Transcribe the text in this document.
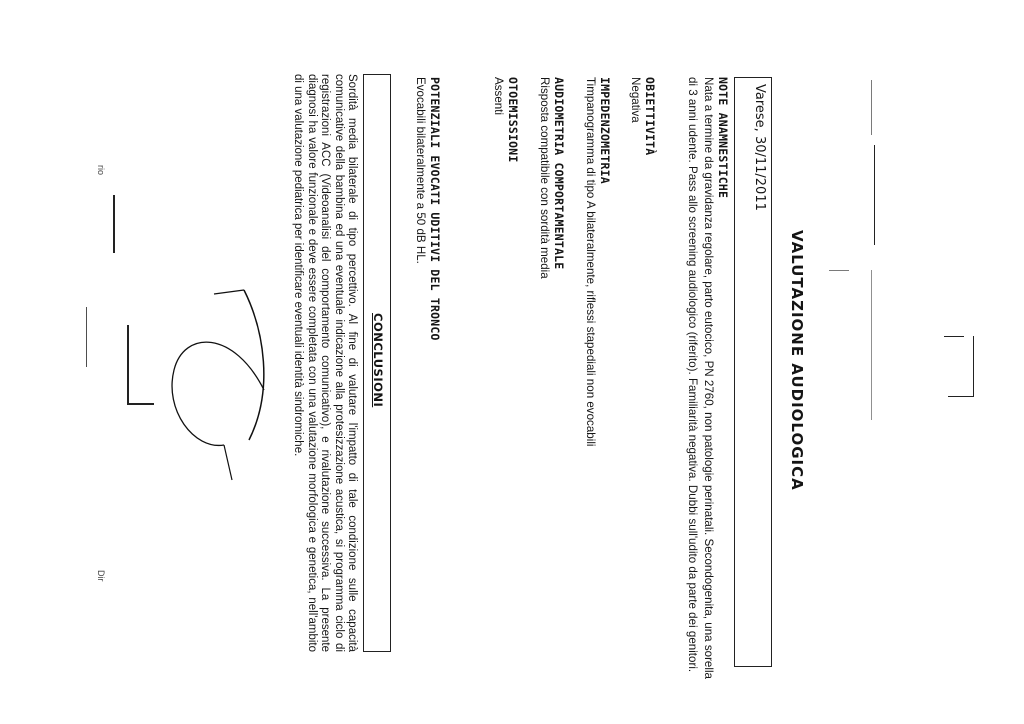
VALUTAZIONE AUDIOLOGICA
Varese, 30/11/2011
NOTE ANAMNESTICHE
Nata a termine da gravidanza regolare, parto eutocico, PN 2760, non patologie perinatali. Secondogenita, una sorella di 3 anni udente. Pass allo screening audiologico (riferito). Familiarità negativa. Dubbi sull'udito da parte dei genitori.
OBIETTIVITÀ
Negativa
IMPEDENZOMETRIA
Timpanogramma di tipo A bilateralmente, riflessi stapediali non evocabili
AUDIOMETRIA COMPORTAMENTALE
Risposta compatibile con sordità media
OTOEMISSIONI
Assenti
POTENZIALI EVOCATI UDITIVI DEL TRONCO
Evocabili bilateralmente a 50 dB HL.
CONCLUSIONI
Sordità media bilaterale di tipo percettivo. Al fine di valutare l'impatto di tale condizione sulle capacità comunicative della bambina ed una eventuale indicazione alla protesizzazione acustica, si programma ciclo di registrazioni ACC (Videoanalisi del comportamento comunicativo), e rivalutazione successiva. La presente diagnosi ha valore funzionale e deve essere completata con una valutazione morfologica e genetica, nell'ambito di una valutazione pediatrica per identificare eventuali identità sindromiche.
Dir
rio
